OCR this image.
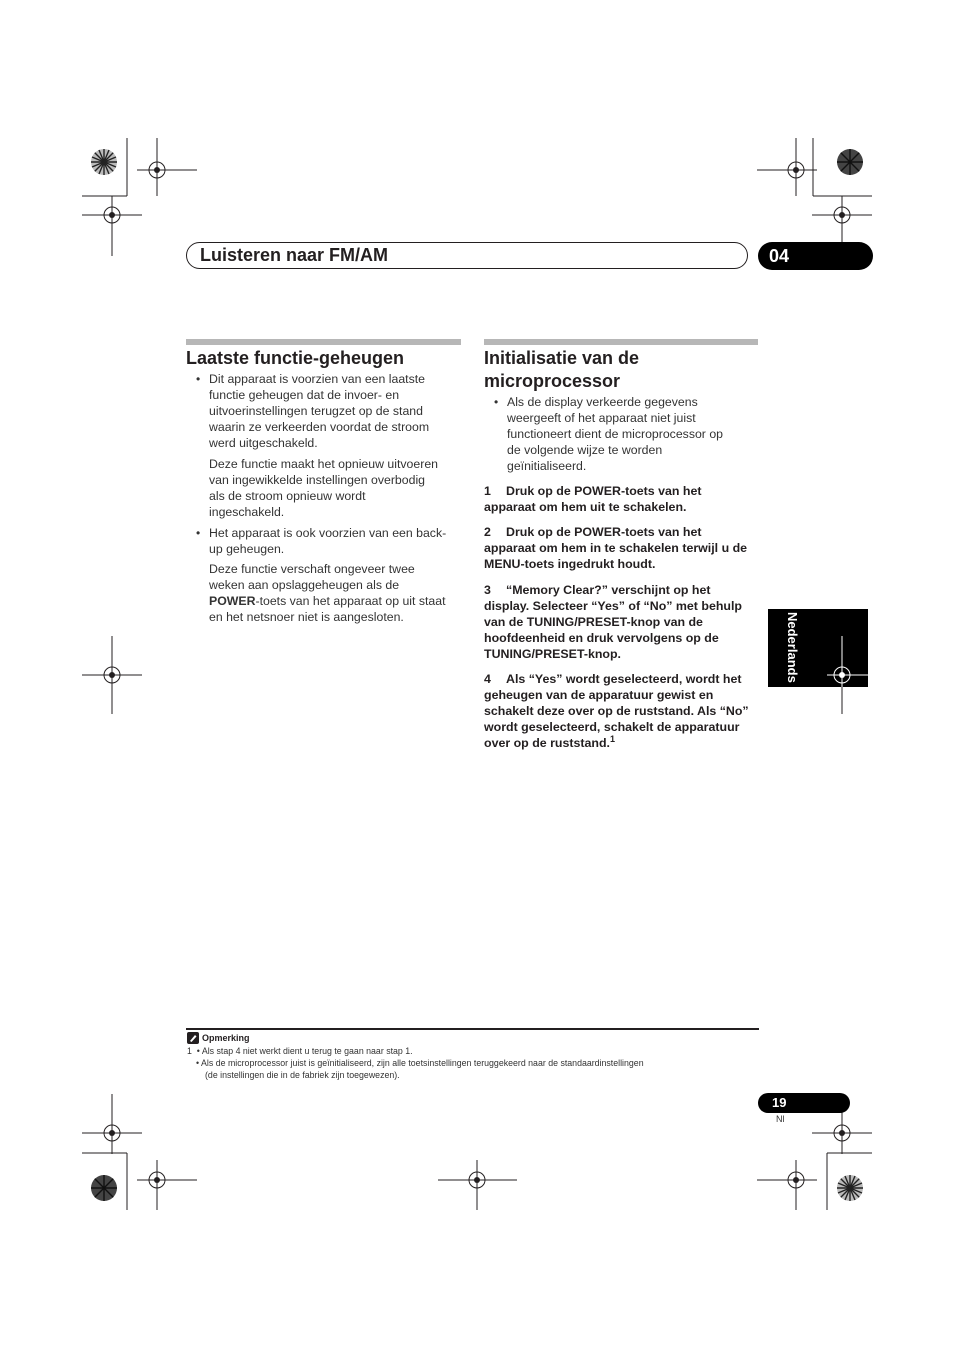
Luisteren naar FM/AM	04
Laatste functie-geheugen
• Dit apparaat is voorzien van een laatste
functie geheugen dat de invoer- en
uitvoerinstellingen terugzet op de stand
waarin ze verkeerden voordat de stroom
werd uitgeschakeld.
Deze functie maakt het opnieuw uitvoeren
van ingewikkelde instellingen overbodig
als de stroom opnieuw wordt
ingeschakeld.
• Het apparaat is ook voorzien van een back-
up geheugen.
Deze functie verschaft ongeveer twee
weken aan opslaggeheugen als de
POWER-toets van het apparaat op uit staat
en het netsnoer niet is aangesloten.
Initialisatie van de
microprocessor
• Als de display verkeerde gegevens
weergeeft of het apparaat niet juist
functioneert dient de microprocessor op
de volgende wijze te worden
geïnitialiseerd.
1 Druk op de POWER-toets van het
apparaat om hem uit te schakelen.
2 Druk op de POWER-toets van het
apparaat om hem in te schakelen terwijl u de
MENU-toets ingedrukt houdt.
3 “Memory Clear?” verschijnt op het
display. Selecteer “Yes” of “No” met behulp
van de TUNING/PRESET-knop van de
hoofdeenheid en druk vervolgens op de
TUNING/PRESET-knop.
4 Als “Yes” wordt geselecteerd, wordt het
geheugen van de apparatuur gewist en
schakelt deze over op de ruststand. Als “No”
wordt geselecteerd, schakelt de apparatuur
over op de ruststand.$^1$
Nederlands
Opmerking
1  • Als stap 4 niet werkt dient u terug te gaan naar stap 1.
• Als de microprocessor juist is geïnitialiseerd, zijn alle toetsinstellingen teruggekeerd naar de standaardinstellingen
(de instellingen die in de fabriek zijn toegewezen).
19
Nl
